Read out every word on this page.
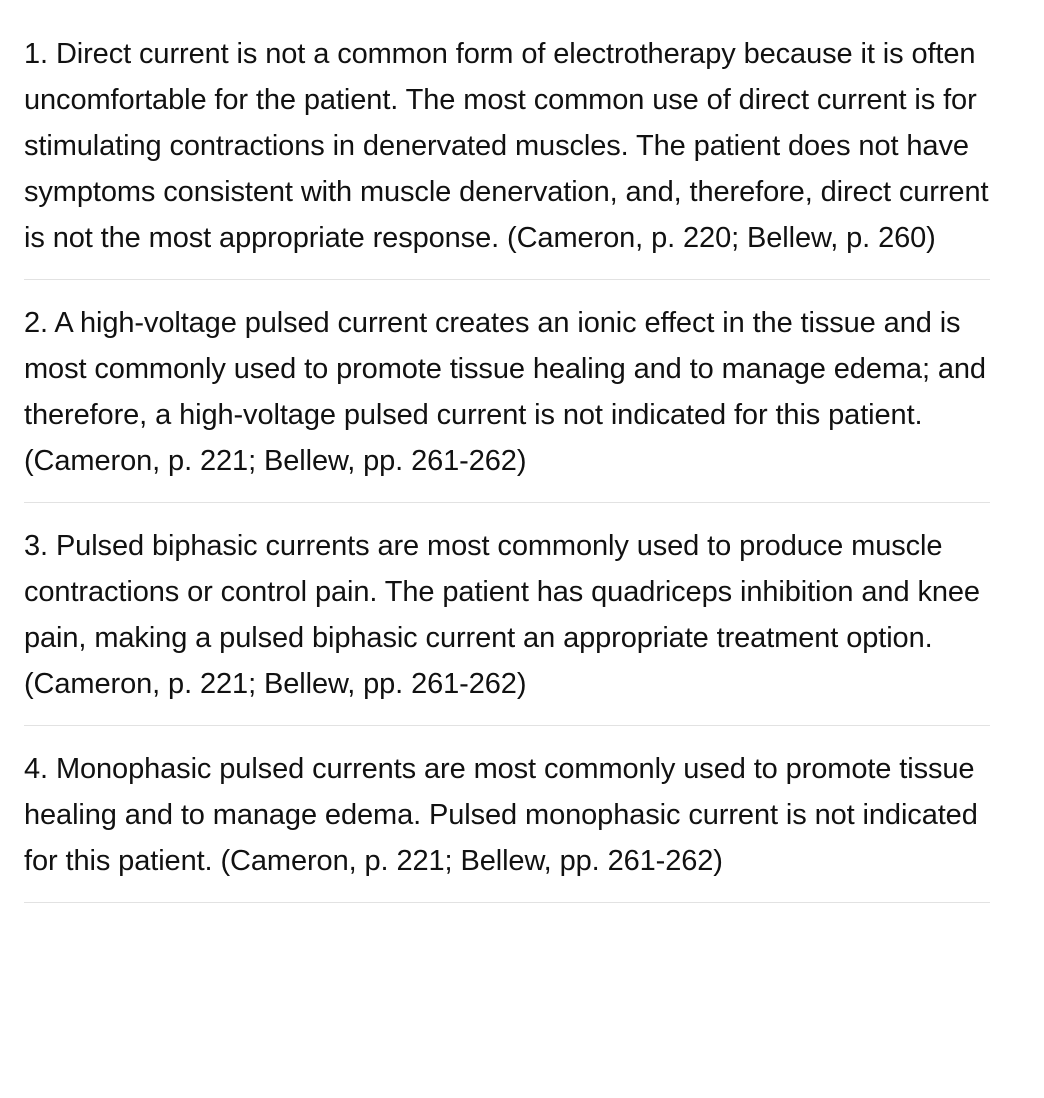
1. Direct current is not a common form of electrotherapy because it is often uncomfortable for the patient. The most common use of direct current is for stimulating contractions in denervated muscles. The patient does not have symptoms consistent with muscle denervation, and, therefore, direct current is not the most appropriate response. (Cameron, p. 220; Bellew, p. 260)
2. A high-voltage pulsed current creates an ionic effect in the tissue and is most commonly used to promote tissue healing and to manage edema; and therefore, a high-voltage pulsed current is not indicated for this patient. (Cameron, p. 221; Bellew, pp. 261-262)
3. Pulsed biphasic currents are most commonly used to produce muscle contractions or control pain. The patient has quadriceps inhibition and knee pain, making a pulsed biphasic current an appropriate treatment option. (Cameron, p. 221; Bellew, pp. 261-262)
4. Monophasic pulsed currents are most commonly used to promote tissue healing and to manage edema. Pulsed monophasic current is not indicated for this patient. (Cameron, p. 221; Bellew, pp. 261-262)
